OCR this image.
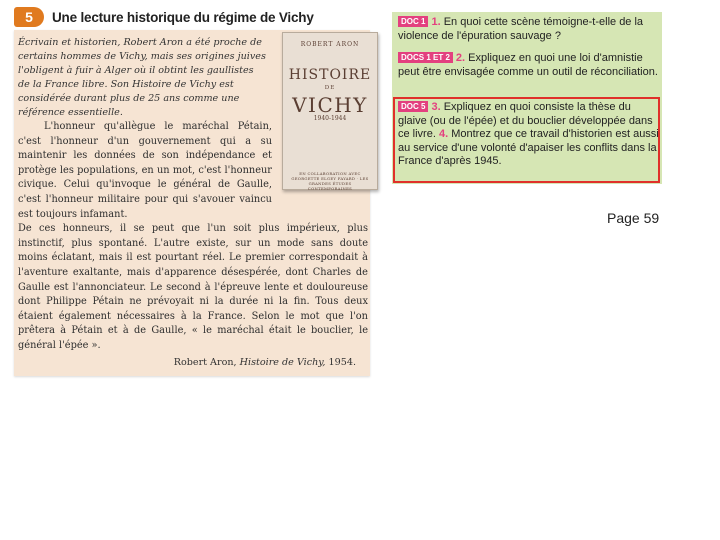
5	Une lecture historique du régime de Vichy
Écrivain et historien, Robert Aron a été proche de certains hommes de Vichy, mais ses origines juives l'obligent à fuir à Alger où il obtint les gaullistes de la France libre. Son Histoire de Vichy est considérée durant plus de 25 ans comme une référence essentielle.
ROBERT ARON
HISTOIRE
DE
VICHY
1940-1944
EN COLLABORATION AVEC GEORGETTE ELGEY FAYARD · LES GRANDES ÉTUDES CONTEMPORAINES

L'honneur qu'allègue le maréchal Pétain, c'est l'honneur d'un gouvernement qui a su maintenir les données de son indépendance et protège les populations, en un mot, c'est l'honneur civique. Celui qu'invoque le général de Gaulle, c'est l'honneur militaire pour qui s'avouer vaincu est toujours infamant.

De ces honneurs, il se peut que l'un soit plus impérieux, plus instinctif, plus spontané. L'autre existe, sur un mode sans doute moins éclatant, mais il est pourtant réel. Le premier correspondait à l'aventure exaltante, mais d'apparence désespérée, dont Charles de Gaulle est l'annonciateur. Le second à l'épreuve lente et douloureuse dont Philippe Pétain ne prévoyait ni la durée ni la fin. Tous deux étaient également nécessaires à la France. Selon le mot que l'on prêtera à Pétain et à de Gaulle, « le maréchal était le bouclier, le général l'épée ».

Robert Aron, Histoire de Vichy, 1954.
DOC 1 1. En quoi cette scène témoigne-t-elle de la violence de l'épuration sauvage ?
DOCS 1 ET 2 2. Expliquez en quoi une loi d'amnistie peut être envisagée comme un outil de réconciliation.
DOC 5 3. Expliquez en quoi consiste la thèse du glaive (ou de l'épée) et du bouclier développée dans ce livre. 4. Montrez que ce travail d'historien est aussi au service d'une volonté d'apaiser les conflits dans la France d'après 1945.
Page 59
